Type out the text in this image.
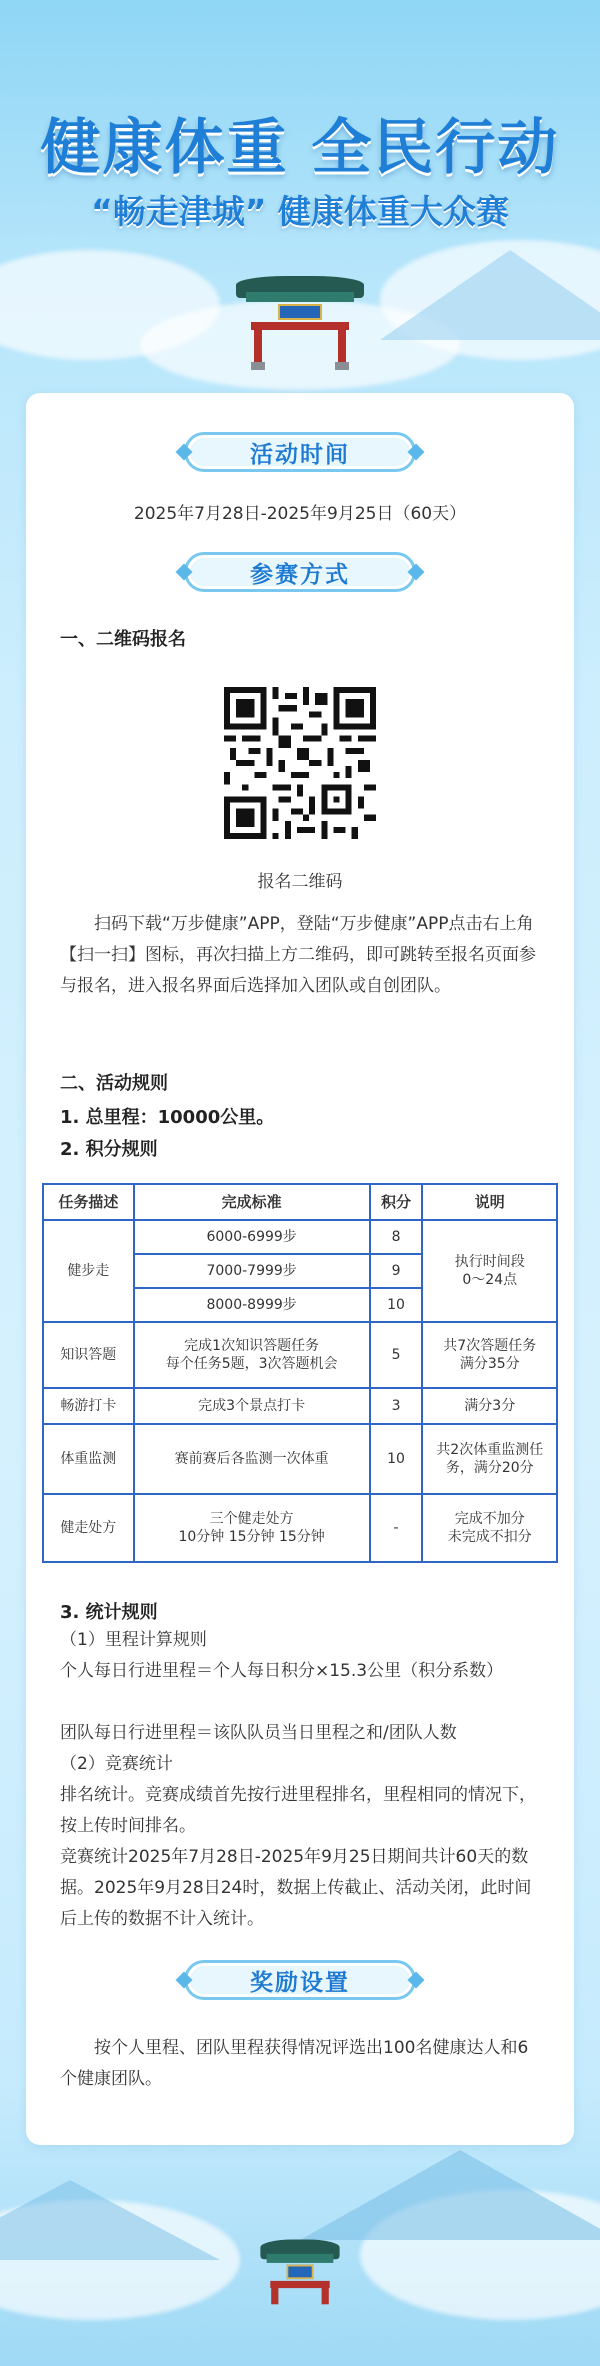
健康体重 全民行动
“畅走津城” 健康体重大众赛
活动时间
2025年7月28日-2025年9月25日（60天）
参赛方式
一、二维码报名
报名二维码
扫码下载“万步健康”APP，登陆“万步健康”APP点击右上角【扫一扫】图标，再次扫描上方二维码，即可跳转至报名页面参与报名，进入报名界面后选择加入团队或自创团队。
二、活动规则
1. 总里程：10000公里。
2. 积分规则
任务描述	完成标准	积分	说明
健步走	6000-6999步	8	执行时间段
0～24点
	7000-7999步	9	
	8000-8999步	10	
知识答题	完成1次知识答题任务
每个任务5题，3次答题机会	5	共7次答题任务
满分35分
畅游打卡	完成3个景点打卡	3	满分3分
体重监测	赛前赛后各监测一次体重	10	共2次体重监测任
务，满分20分
健走处方	三个健走处方
10分钟 15分钟 15分钟	-	完成不加分
未完成不扣分
3. 统计规则
（1）里程计算规则
个人每日行进里程＝个人每日积分×15.3公里（积分系数）
团队每日行进里程＝该队队员当日里程之和/团队人数
（2）竞赛统计
排名统计。竞赛成绩首先按行进里程排名，里程相同的情况下，按上传时间排名。
竞赛统计2025年7月28日-2025年9月25日期间共计60天的数据。2025年9月28日24时，数据上传截止、活动关闭，此时间后上传的数据不计入统计。
奖励设置
按个人里程、团队里程获得情况评选出100名健康达人和6个健康团队。
